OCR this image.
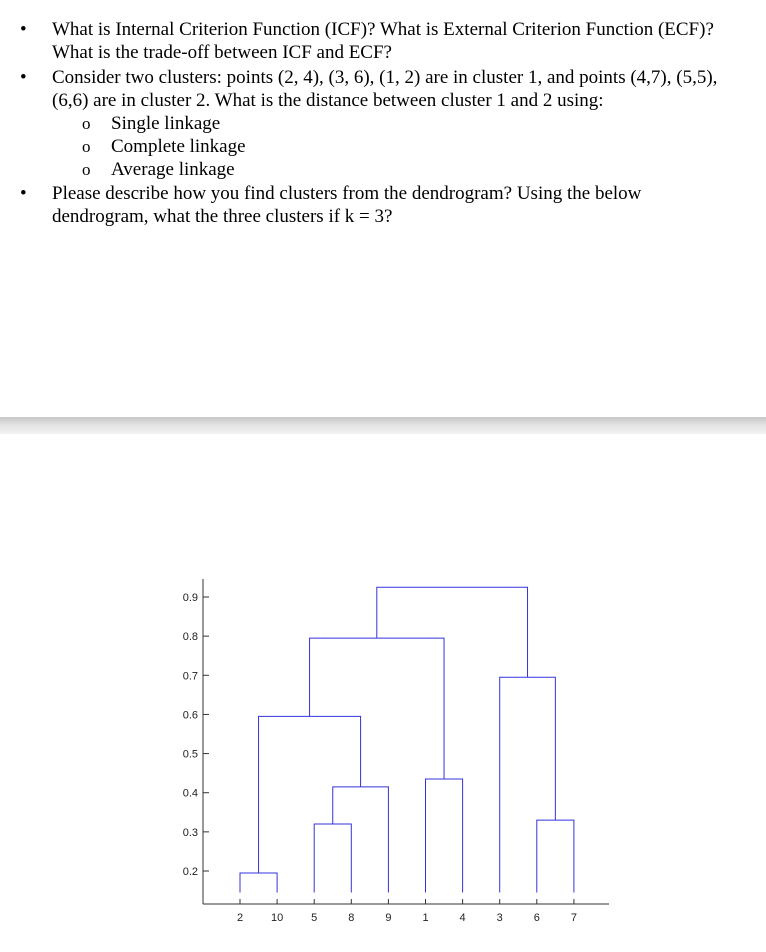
•	What is Internal Criterion Function (ICF)? What is External Criterion Function (ECF)?
What is the trade-off between ICF and ECF?
•	Consider two clusters: points (2, 4), (3, 6), (1, 2) are in cluster 1, and points (4,7), (5,5),
(6,6) are in cluster 2. What is the distance between cluster 1 and 2 using:
o Single linkage
o Complete linkage
o Average linkage
•	Please describe how you find clusters from the dendrogram? Using the below
dendrogram, what the three clusters if k = 3?
0.2
0.3
0.4
0.5
0.6
0.7
0.8
0.9
2	10	5	8	9	1	4	3	6	7
